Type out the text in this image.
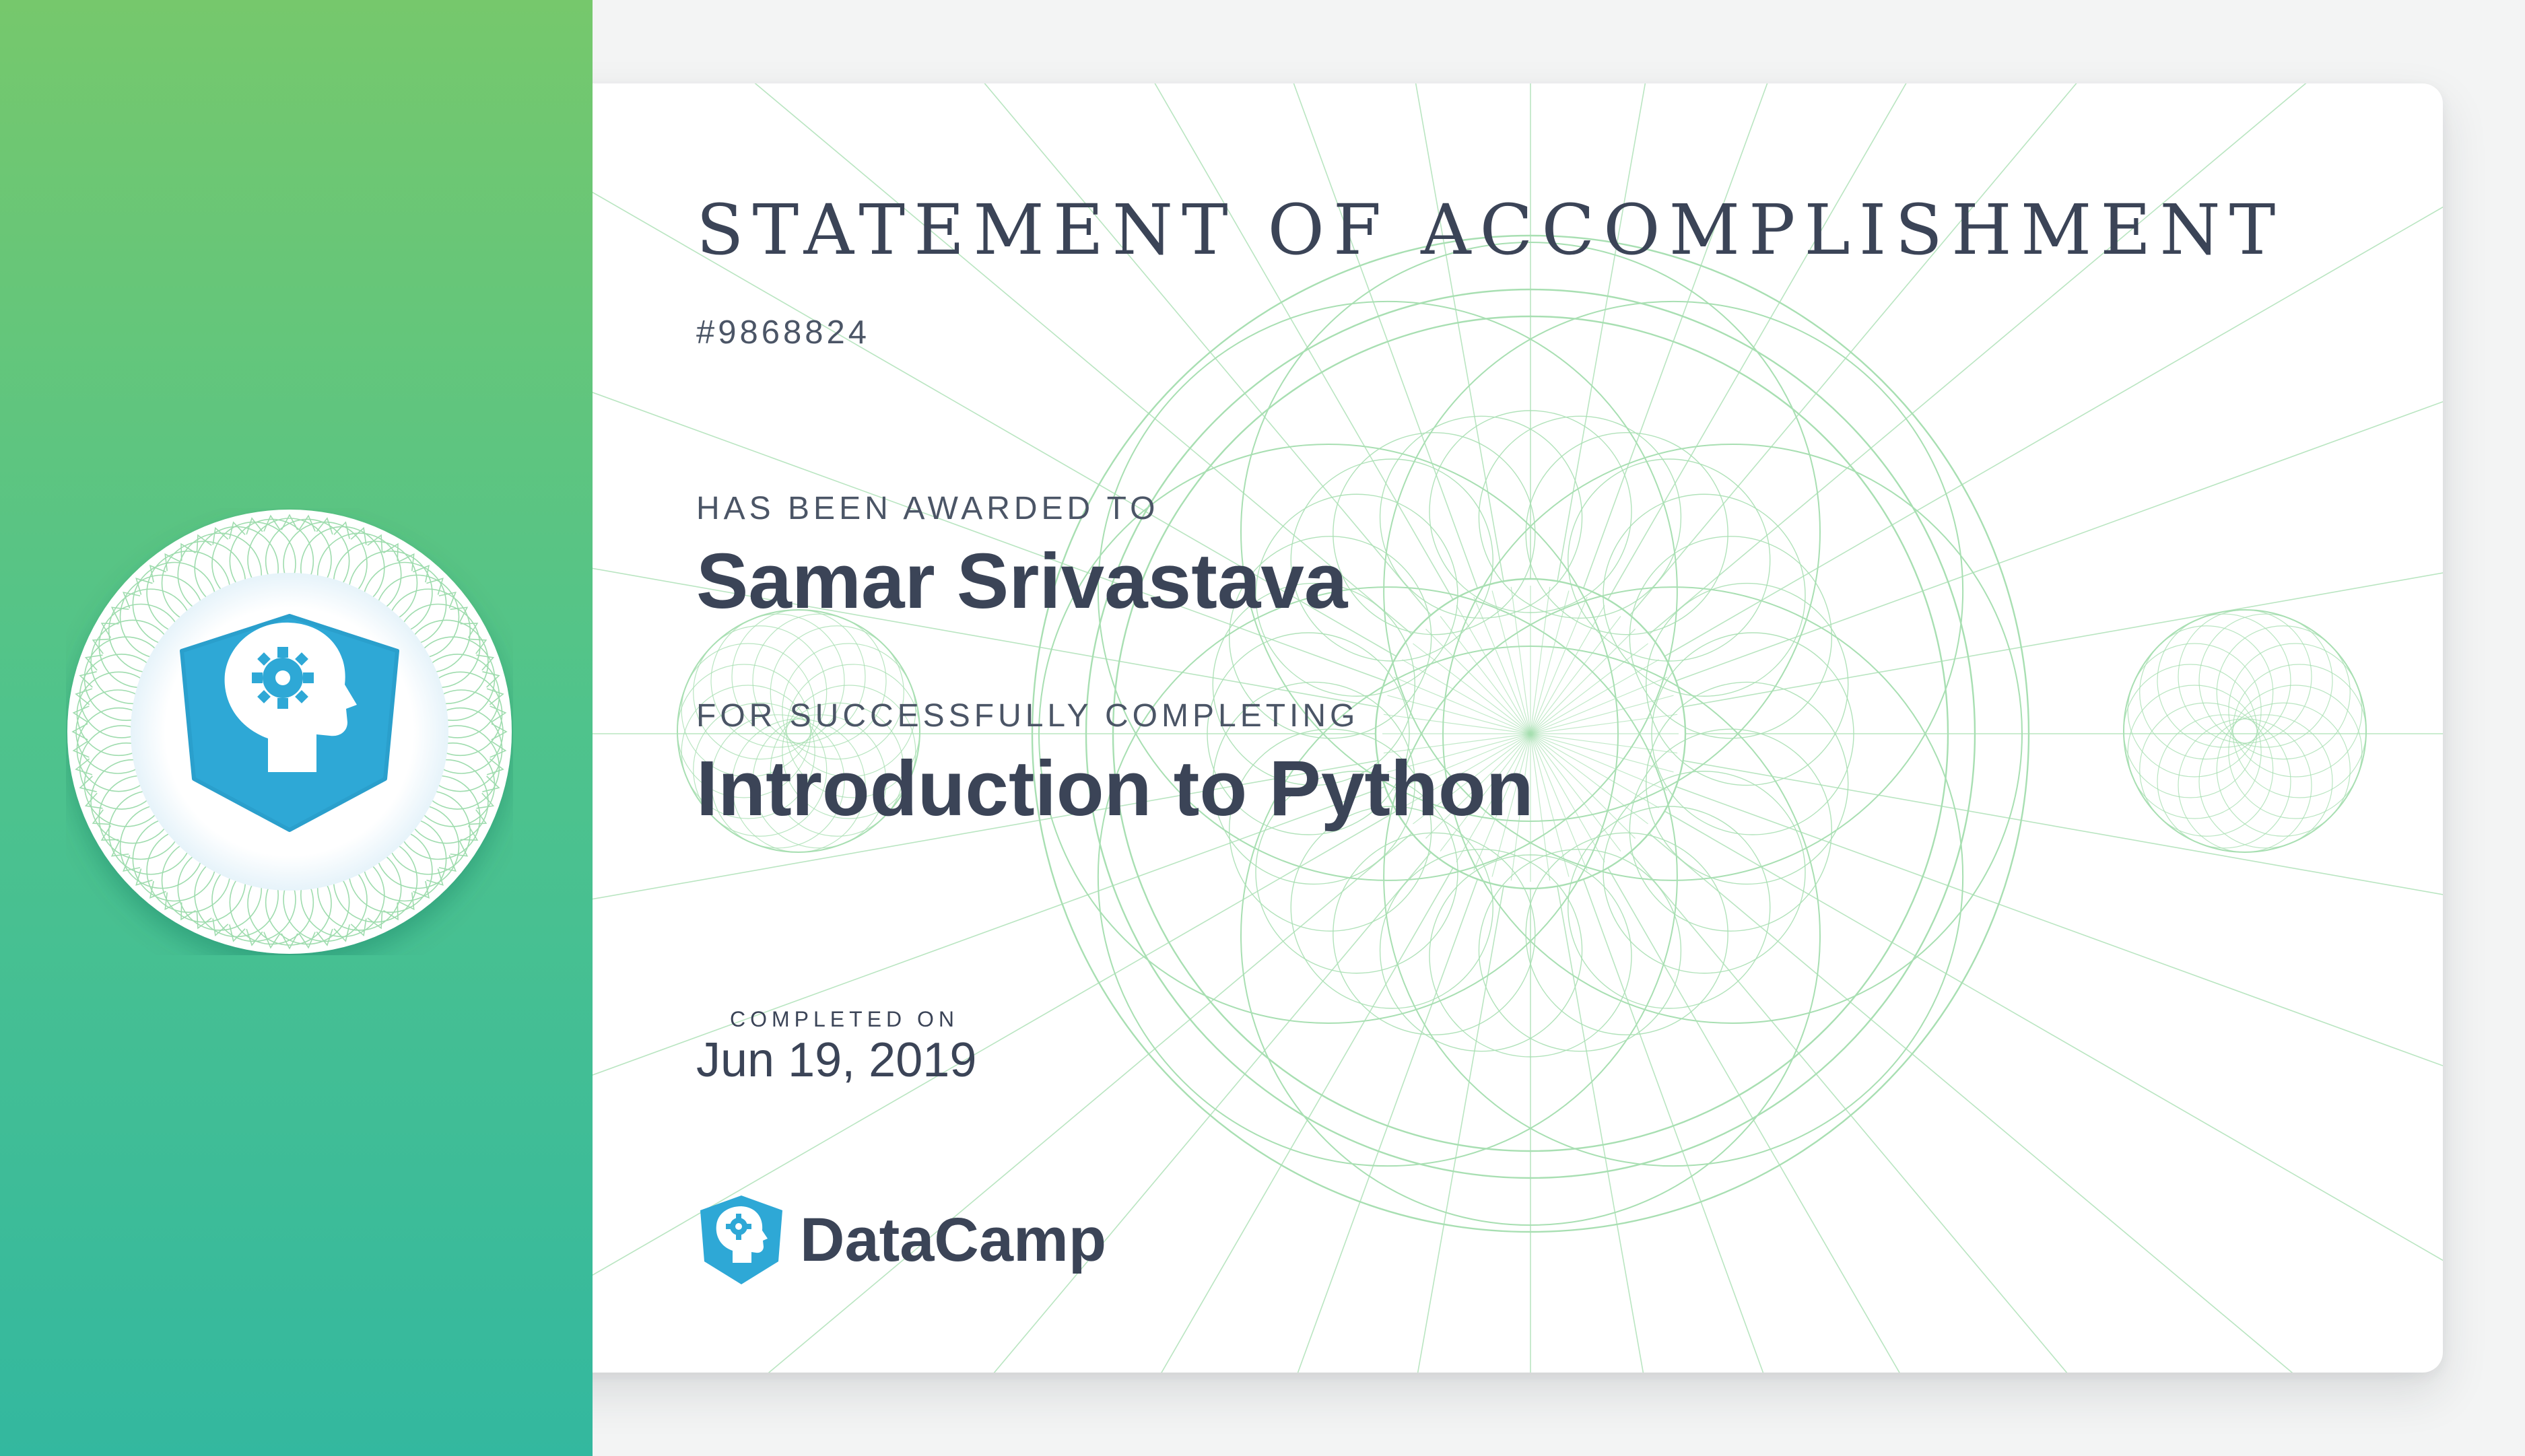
STATEMENT OF ACCOMPLISHMENT
#9868824
HAS BEEN AWARDED TO
Samar Srivastava
FOR SUCCESSFULLY COMPLETING
Introduction to Python
COMPLETED ON
Jun 19, 2019
DataCamp
